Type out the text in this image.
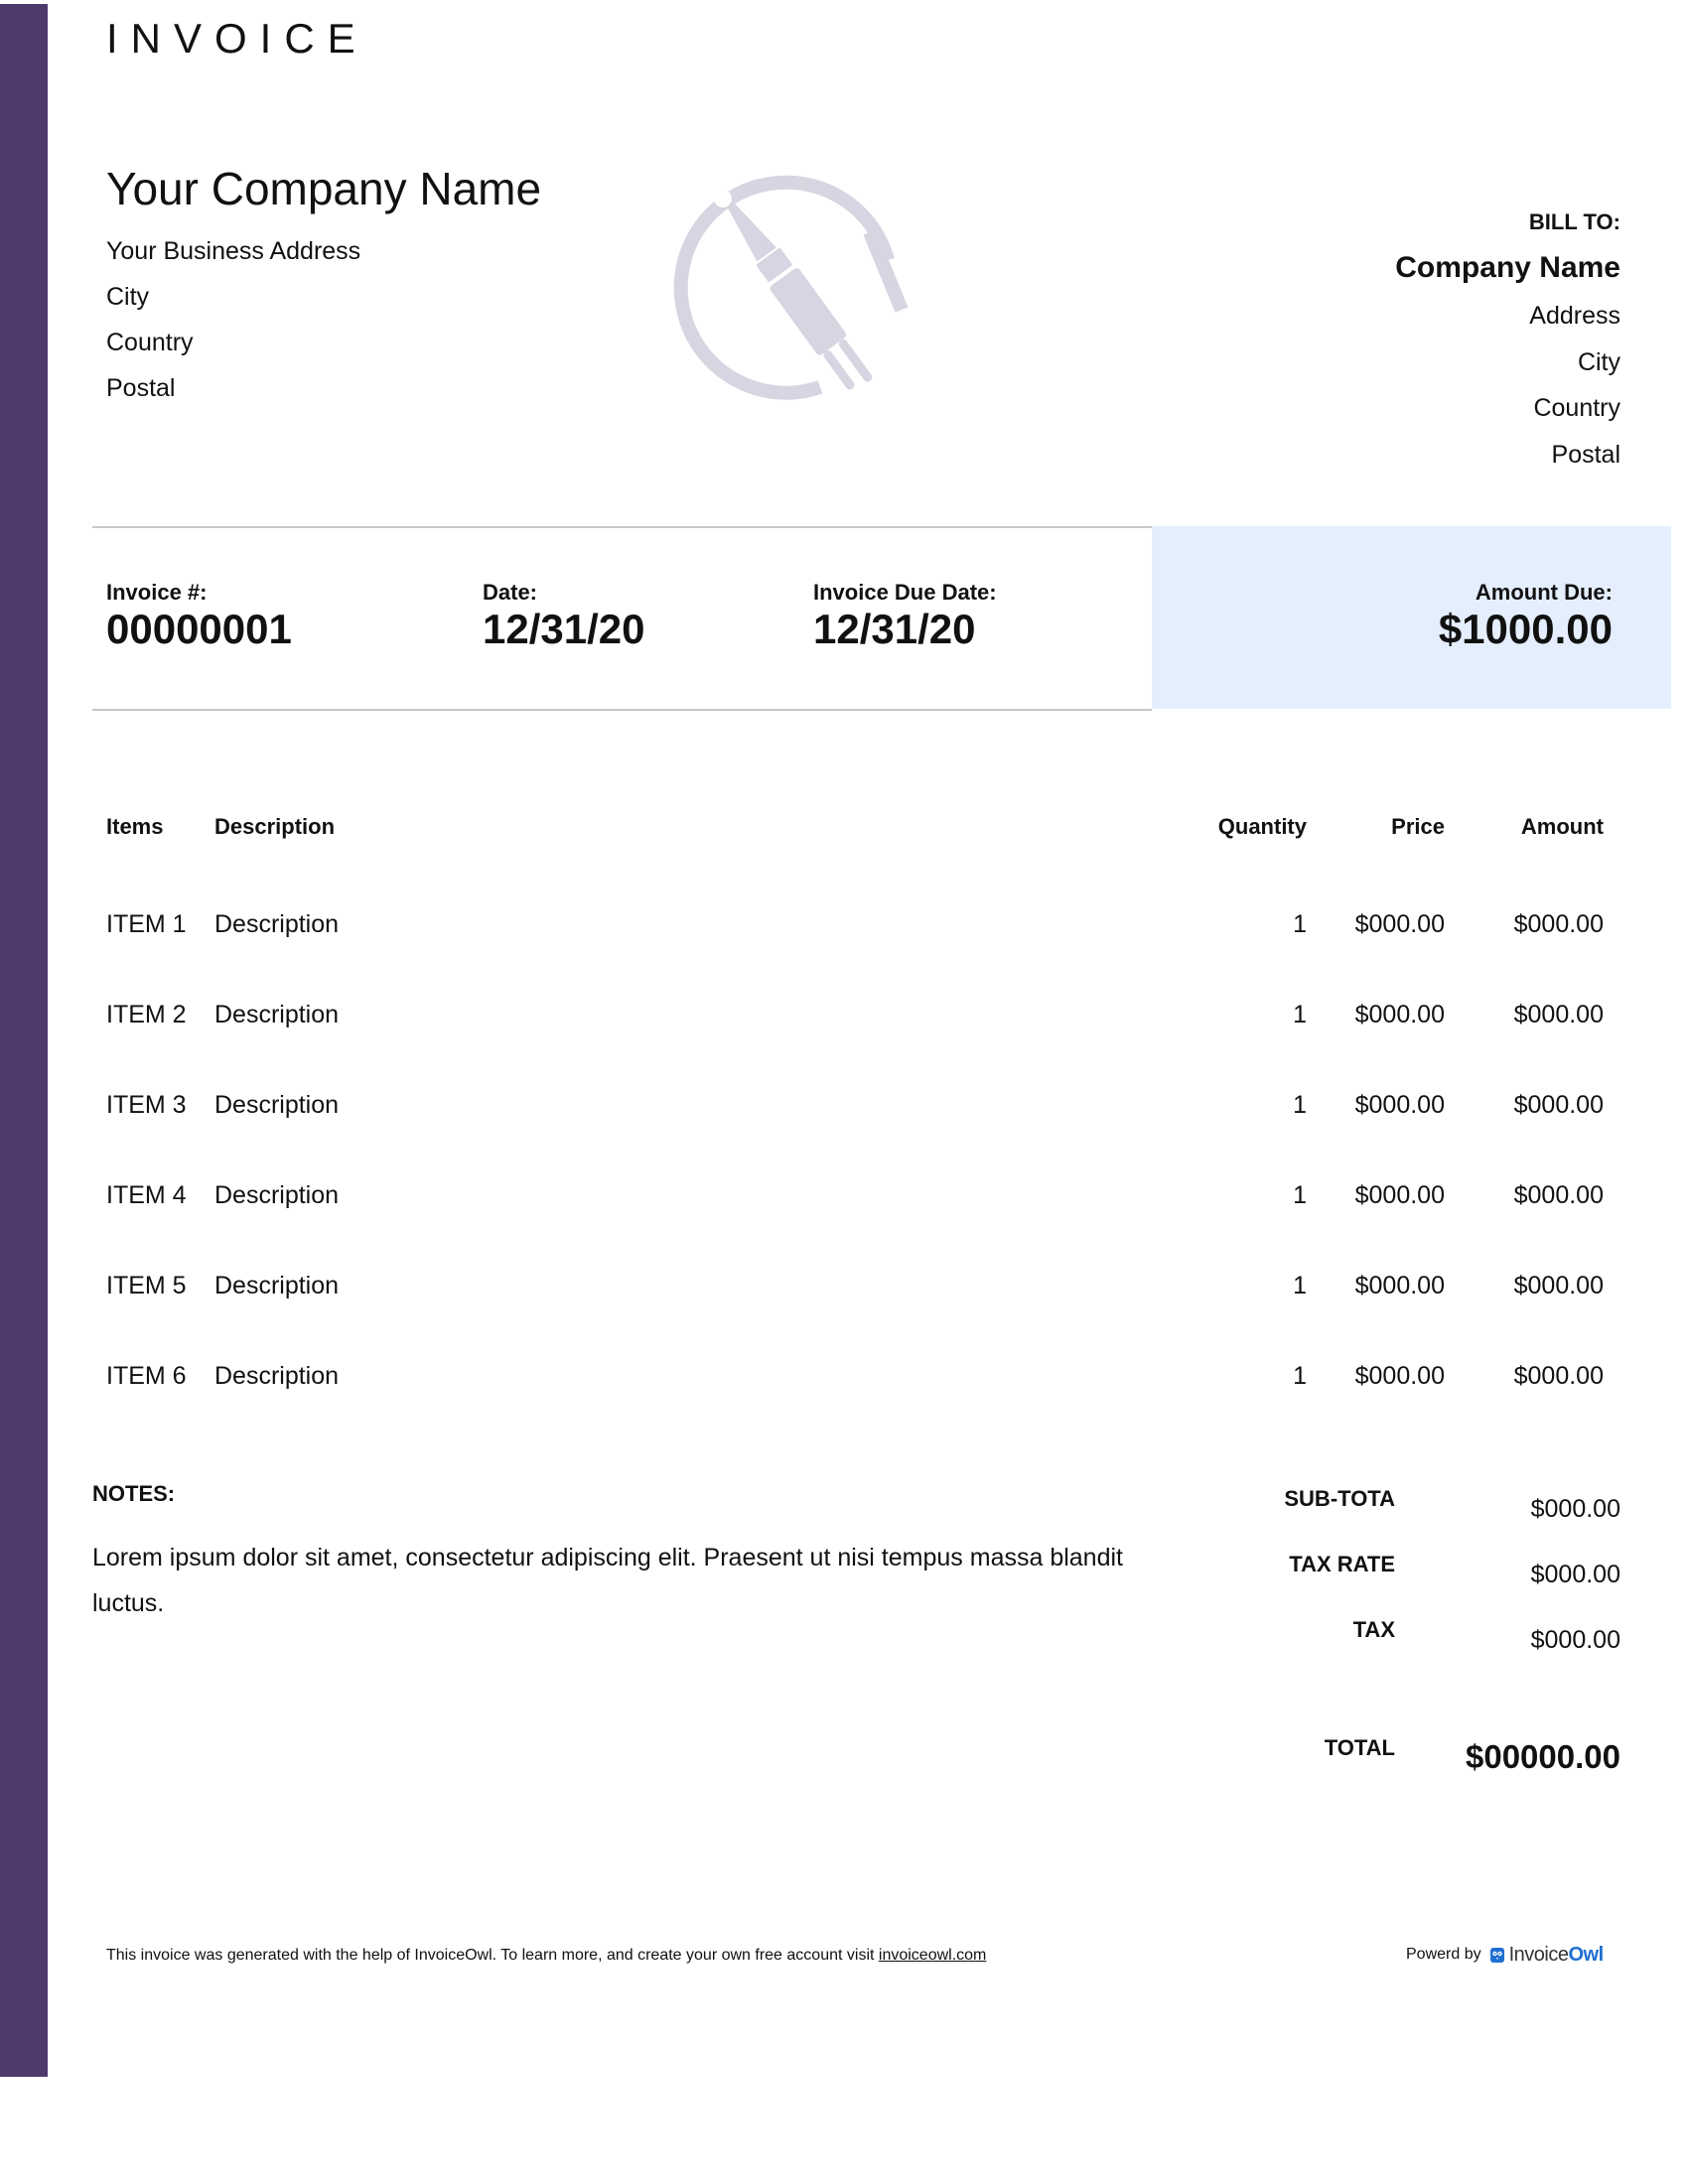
INVOICE
Your Company Name
Your Business Address
City
Country
Postal
BILL TO:
Company Name
Address
City
Country
Postal
Invoice #:
00000001
Date:
12/31/20
Invoice Due Date:
12/31/20
Amount Due:
$1000.00
Items Description	Quantity	Price	Amount
ITEM 1 Description	1 $000.00	$000.00
ITEM 2 Description	1 $000.00	$000.00
ITEM 3 Description	1 $000.00	$000.00
ITEM 4 Description	1 $000.00	$000.00
ITEM 5 Description	1 $000.00	$000.00
ITEM 6 Description	1 $000.00	$000.00
NOTES:
Lorem ipsum dolor sit amet, consectetur adipiscing elit. Praesent ut nisi tempus massa blandit luctus.
SUB-TOTA	$000.00
TAX RATE	$000.00
TAX	$000.00
TOTAL $00000.00
This invoice was generated with the help of InvoiceOwl. To learn more, and create your own free account visit invoiceowl.com	Powerd by InvoiceOwl
